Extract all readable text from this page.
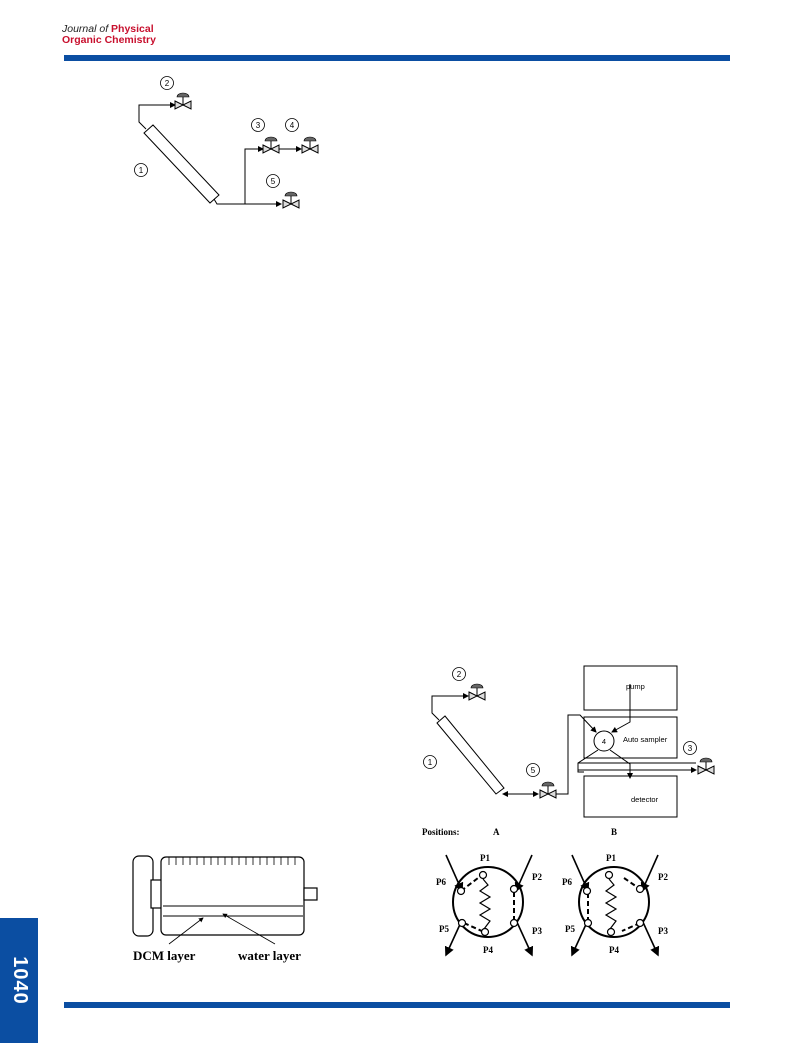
Journal of Physical
Organic Chemistry
1040
1
2
3	4
5
pump
Auto sampler
detector
4
1
2
3
5
Positions:	A	B
P1
P2
P3
P4
P5
P6
P1
P2
P3
P4
P5
P6
DCM layer	water layer
